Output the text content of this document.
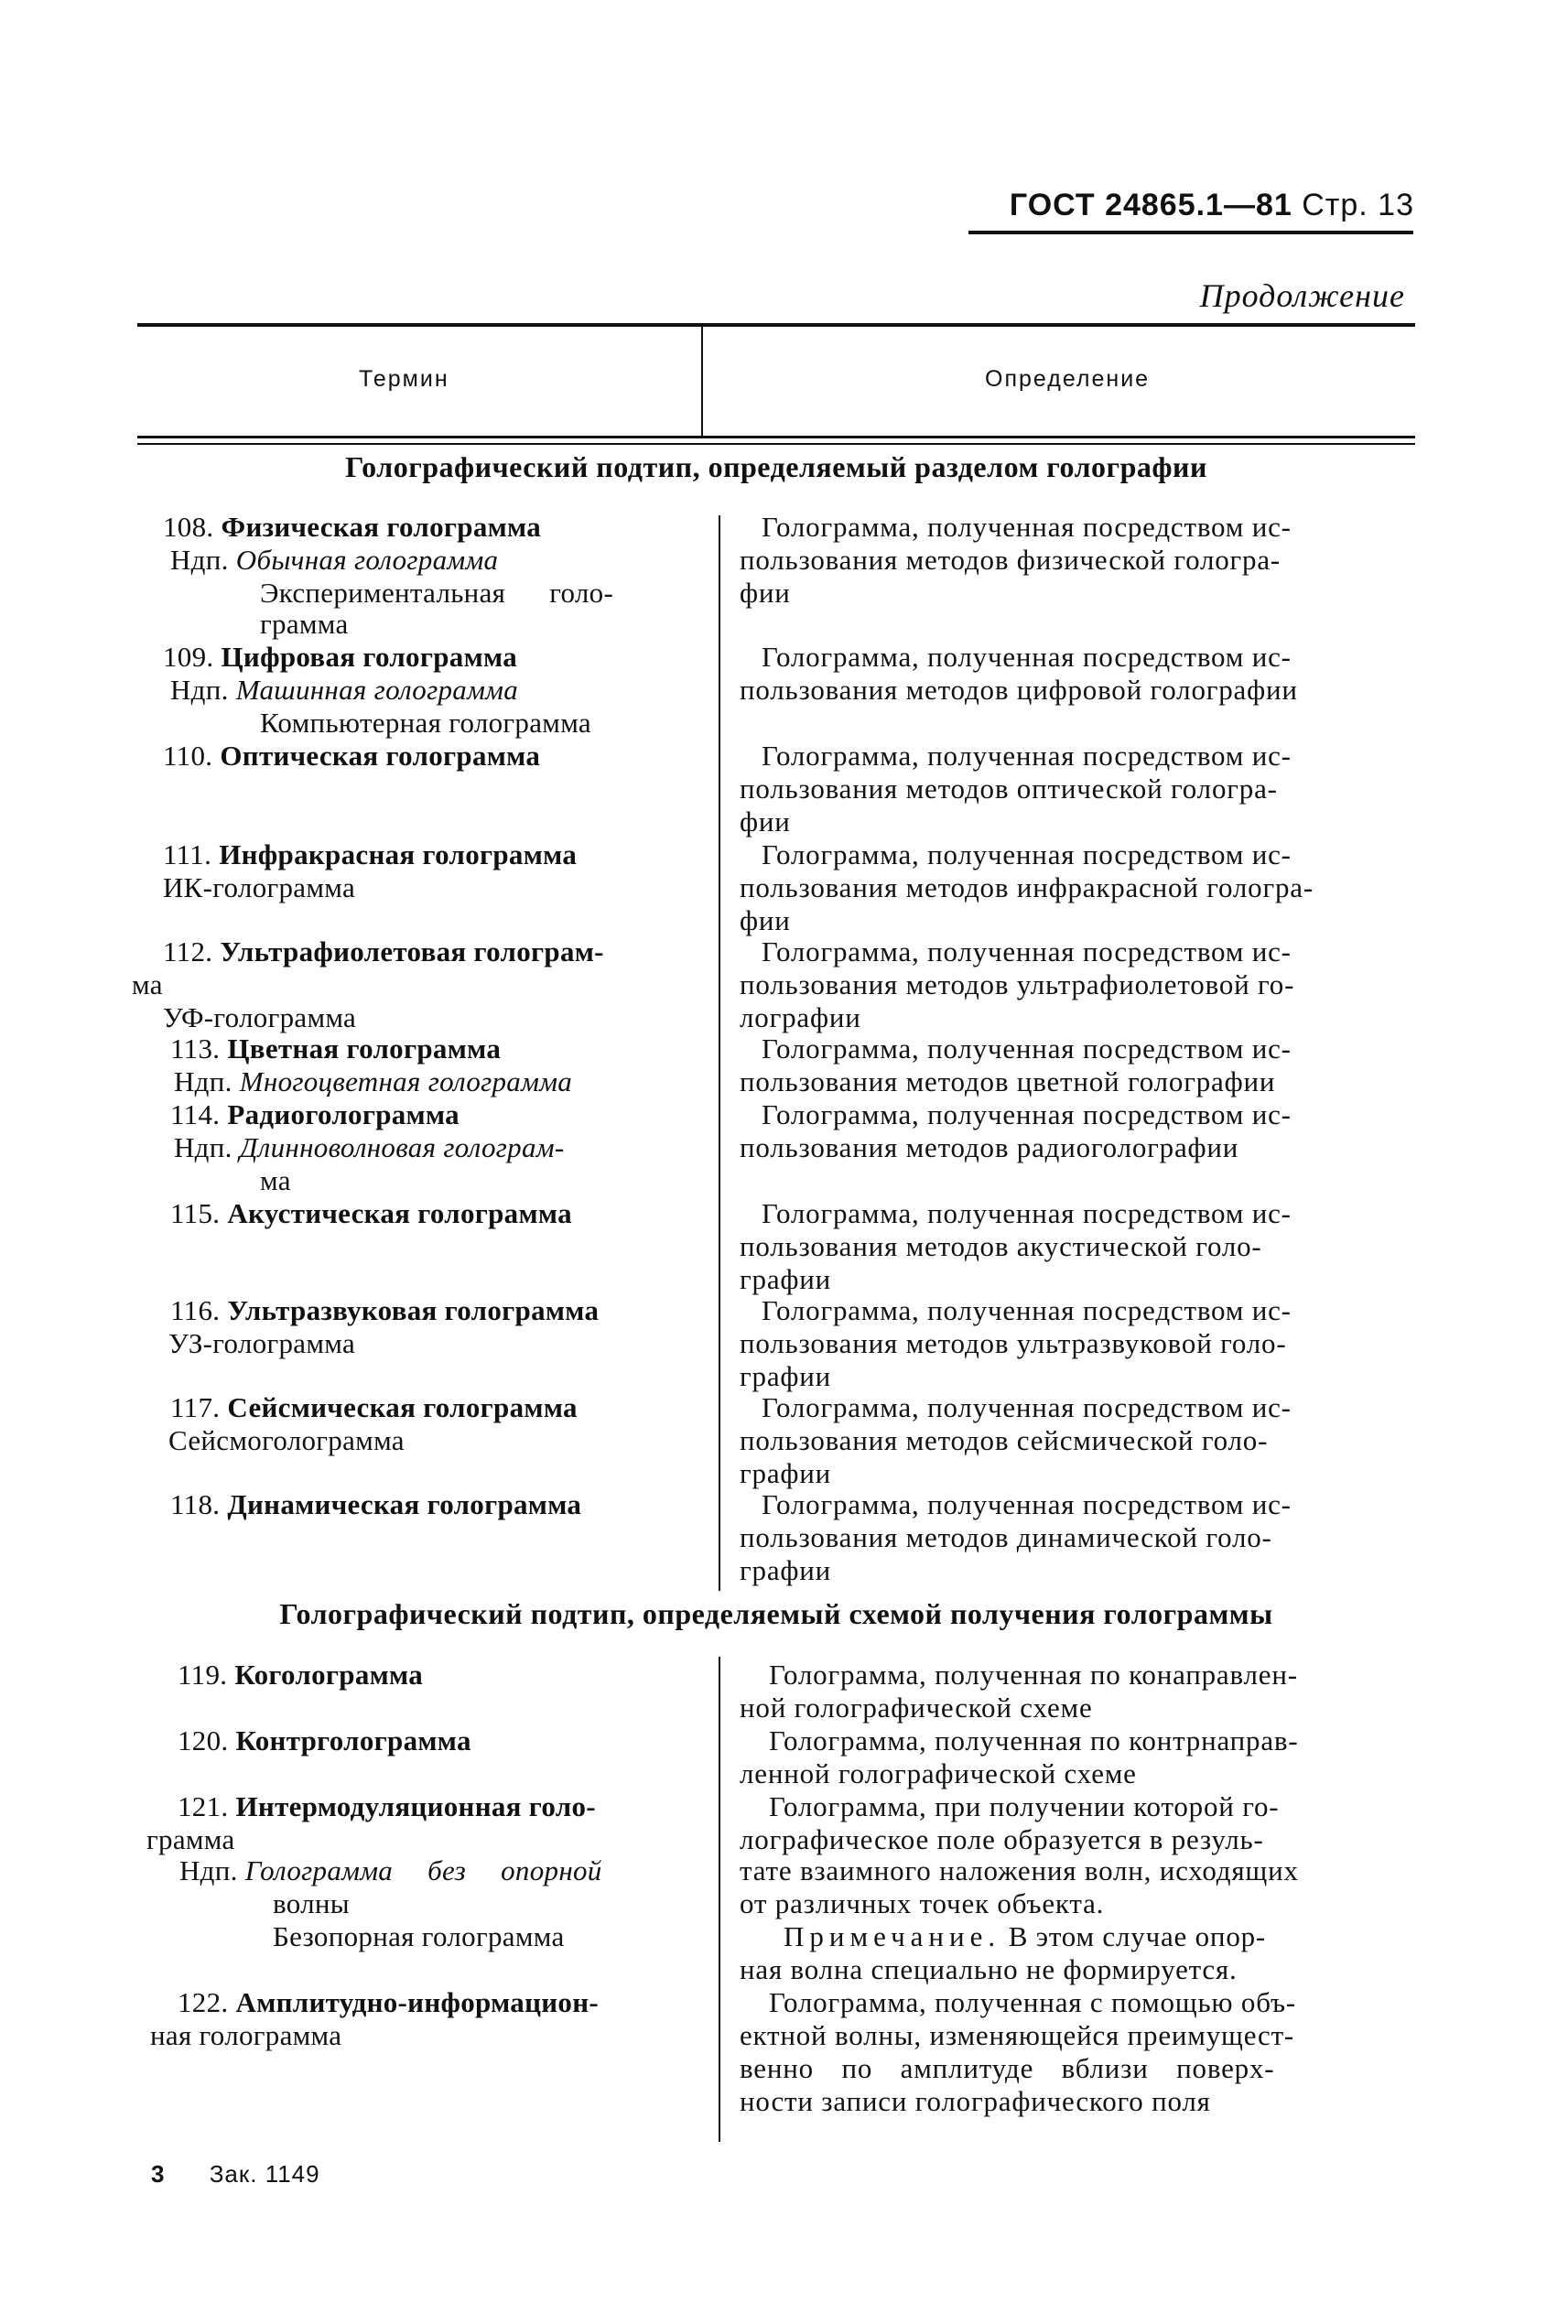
ГОСТ 24865.1—81 Стр. 13
Продолжение
Термин	Определение
Голографический подтип, определяемый разделом голографии
108. Физическая голограмма
Ндп. Обычная голограмма
Экспериментальная голо-
грамма
109. Цифровая голограмма
Ндп. Машинная голограмма
Компьютерная голограмма
110. Оптическая голограмма
111. Инфракрасная голограмма
ИК-голограмма
112. Ультрафиолетовая голограм-
ма
УФ-голограмма
113. Цветная голограмма
Ндп. Многоцветная голограмма
114. Радиоголограмма
Ндп. Длинноволновая голограм-
ма
115. Акустическая голограмма
116. Ультразвуковая голограмма
УЗ-голограмма
117. Сейсмическая голограмма
Сейсмоголограмма
118. Динамическая голограмма
Голограмма, полученная посредством ис-
пользования методов физической гологра-
фии
Голограмма, полученная посредством ис-
пользования методов цифровой голографии
Голограмма, полученная посредством ис-
пользования методов оптической гологра-
фии
Голограмма, полученная посредством ис-
пользования методов инфракрасной гологра-
фии
Голограмма, полученная посредством ис-
пользования методов ультрафиолетовой го-
лографии
Голограмма, полученная посредством ис-
пользования методов цветной голографии
Голограмма, полученная посредством ис-
пользования методов радиоголографии
Голограмма, полученная посредством ис-
пользования методов акустической голо-
графии
Голограмма, полученная посредством ис-
пользования методов ультразвуковой голо-
графии
Голограмма, полученная посредством ис-
пользования методов сейсмической голо-
графии
Голограмма, полученная посредством ис-
пользования методов динамической голо-
графии
Голографический подтип, определяемый схемой получения голограммы
119. Коголограмма
120. Контрголограмма
121. Интермодуляционная голо-
грамма
Ндп. Голограмма без опорной
волны
Безопорная голограмма
122. Амплитудно-информацион-
ная голограмма
Голограмма, полученная по конаправлен-
ной голографической схеме
Голограмма, полученная по контрнаправ-
ленной голографической схеме
Голограмма, при получении которой го-
лографическое поле образуется в резуль-
тате взаимного наложения волн, исходящих
от различных точек объекта.
Примечание. В этом случае опор-
ная волна специально не формируется.
Голограмма, полученная с помощью объ-
ектной волны, изменяющейся преимущест-
венно по амплитуде вблизи поверх-
ности записи голографического поля
3 Зак. 1149
